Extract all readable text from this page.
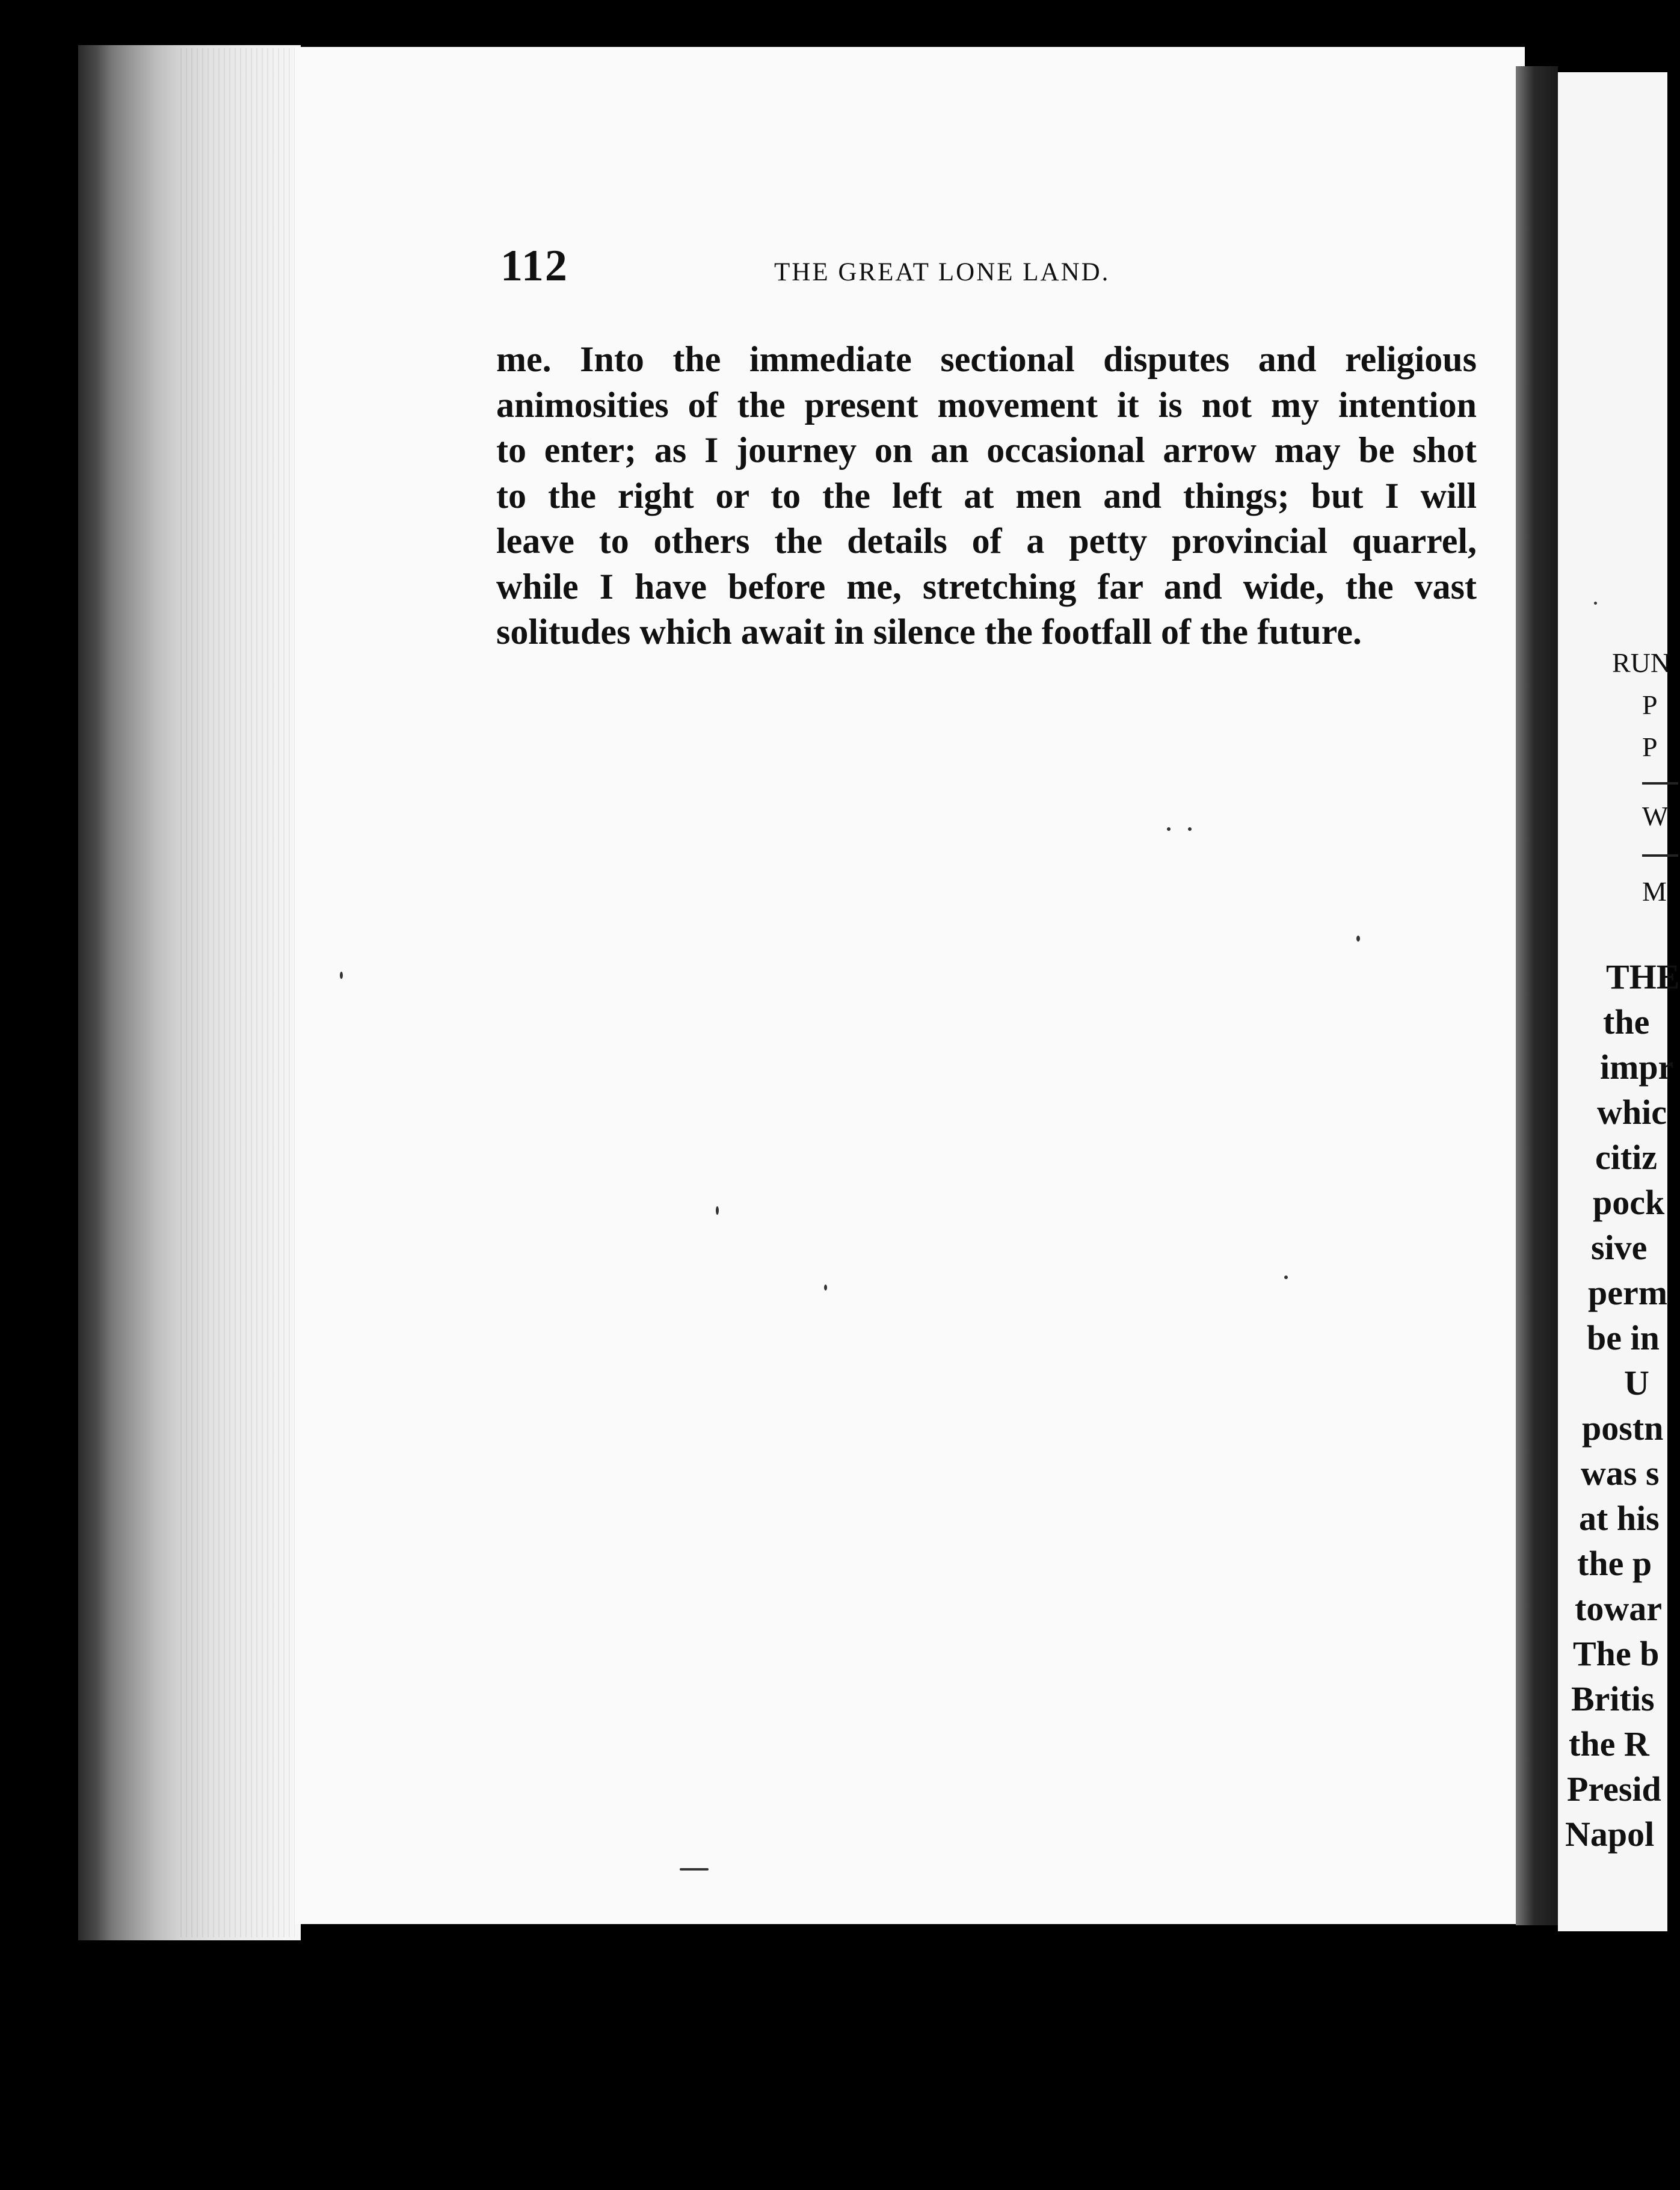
112	THE GREAT LONE LAND.
me. Into the immediate sectional disputes and religious
animosities of the present movement it is not my intention
to enter; as I journey on an occasional arrow may be shot
to the right or to the left at men and things; but I will
leave to others the details of a petty provincial quarrel,
while I have before me, stretching far and wide, the vast
solitudes which await in silence the footfall of the future.
RUN
P
P
W
M
THE
the
impr
whic
citiz
pock
sive
perm
be in
U
postn
was s
at his
the p
towar
The b
Britis
the R
Presid
Napol
